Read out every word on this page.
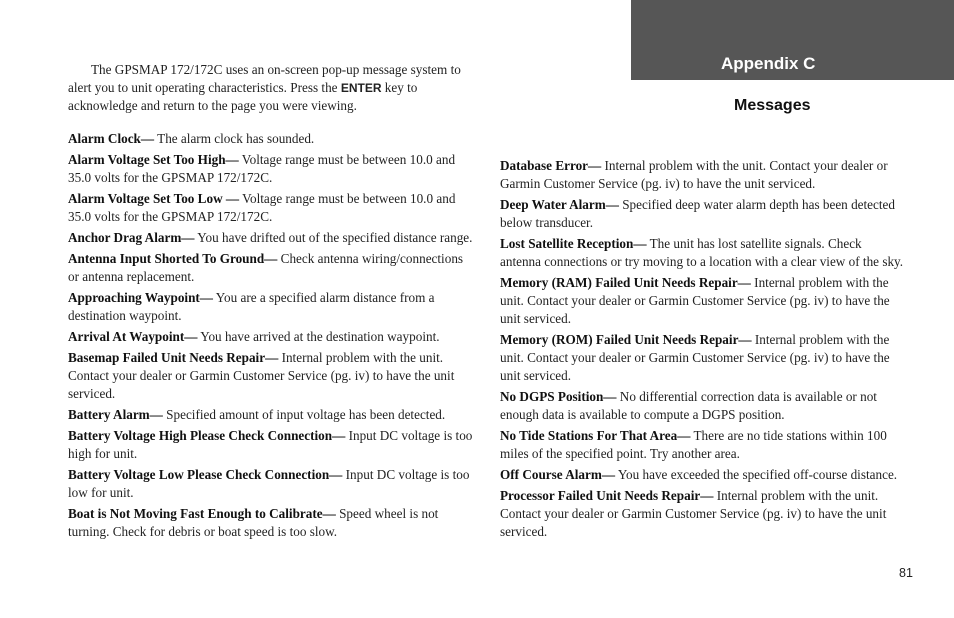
Appendix C
Messages

The GPSMAP 172/172C uses an on-screen pop-up message system to alert you to unit operating characteristics. Press the ENTER key to acknowledge and return to the page you were viewing.

Alarm Clock— The alarm clock has sounded.

Alarm Voltage Set Too High— Voltage range must be between 10.0 and 35.0 volts for the GPSMAP 172/172C.

Alarm Voltage Set Too Low — Voltage range must be between 10.0 and 35.0 volts for the GPSMAP 172/172C.

Anchor Drag Alarm— You have drifted out of the specified distance range.

Antenna Input Shorted To Ground— Check antenna wiring/connections or antenna replacement.

Approaching Waypoint— You are a specified alarm distance from a destination waypoint.

Arrival At Waypoint— You have arrived at the destination waypoint.

Basemap Failed Unit Needs Repair— Internal problem with the unit. Contact your dealer or Garmin Customer Service (pg. iv) to have the unit serviced.

Battery Alarm— Specified amount of input voltage has been detected.

Battery Voltage High Please Check Connection— Input DC voltage is too high for unit.

Battery Voltage Low Please Check Connection— Input DC voltage is too low for unit.

Boat is Not Moving Fast Enough to Calibrate— Speed wheel is not turning. Check for debris or boat speed is too slow.

Database Error— Internal problem with the unit. Contact your dealer or Garmin Customer Service (pg. iv) to have the unit serviced.

Deep Water Alarm— Specified deep water alarm depth has been detected below transducer.

Lost Satellite Reception— The unit has lost satellite signals. Check antenna connections or try moving to a location with a clear view of the sky.

Memory (RAM) Failed Unit Needs Repair— Internal problem with the unit. Contact your dealer or Garmin Customer Service (pg. iv) to have the unit serviced.

Memory (ROM) Failed Unit Needs Repair— Internal problem with the unit. Contact your dealer or Garmin Customer Service (pg. iv) to have the unit serviced.

No DGPS Position— No differential correction data is available or not enough data is available to compute a DGPS position.

No Tide Stations For That Area— There are no tide stations within 100 miles of the specified point. Try another area.

Off Course Alarm— You have exceeded the specified off-course distance.

Processor Failed Unit Needs Repair— Internal problem with the unit. Contact your dealer or Garmin Customer Service (pg. iv) to have the unit serviced.

81
